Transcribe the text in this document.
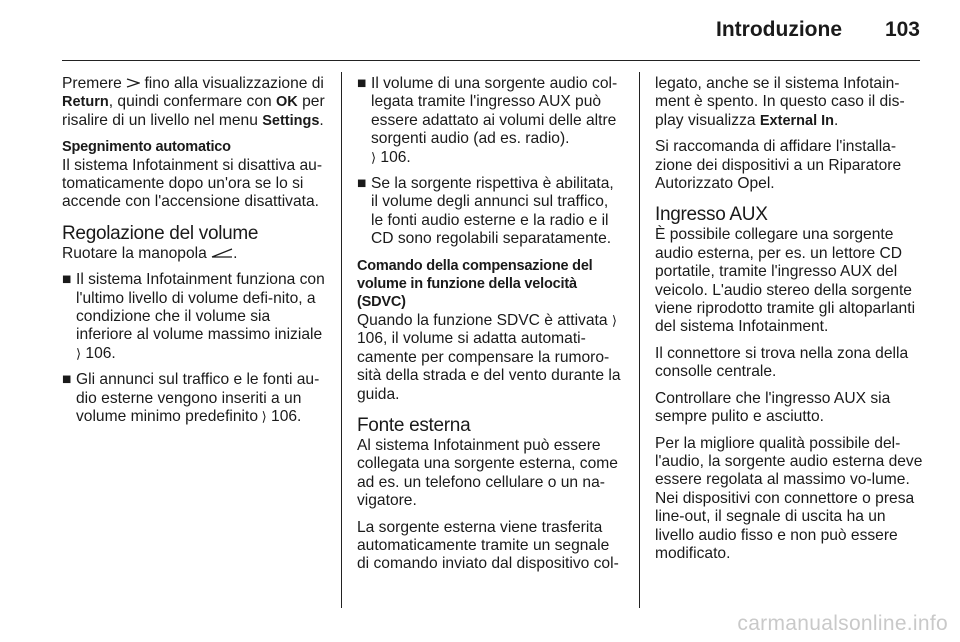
Introduzione 103

Premere  fino alla visualizzazione di Return, quindi confermare con OK per risalire di un livello nel menu Settings.

Spegnimento automatico

Il sistema Infotainment si disattiva au-tomaticamente dopo un'ora se lo si accende con l'accensione disattivata.

Regolazione del volume

Ruotare la manopola .

■ Il sistema Infotainment funziona con l'ultimo livello di volume defi-nito, a condizione che il volume sia inferiore al volume massimo iniziale
⟩ 106.
■ Gli annunci sul traffico e le fonti au-dio esterne vengono inseriti a un volume minimo predefinito ⟩ 106.
■ Il volume di una sorgente audio col-legata tramite l'ingresso AUX può essere adattato ai volumi delle altre sorgenti audio (ad es. radio).
⟩ 106.
■ Se la sorgente rispettiva è abilitata, il volume degli annunci sul traffico, le fonti audio esterne e la radio e il CD sono regolabili separatamente.
Comando della compensazione del volume in funzione della velocità (SDVC)

Quando la funzione SDVC è attivata ⟩ 106, il volume si adatta automati-camente per compensare la rumoro-sità della strada e del vento durante la guida.

Fonte esterna

Al sistema Infotainment può essere collegata una sorgente esterna, come ad es. un telefono cellulare o un na-vigatore.

La sorgente esterna viene trasferita automaticamente tramite un segnale di comando inviato dal dispositivo col-

legato, anche se il sistema Infotain-ment è spento. In questo caso il dis-play visualizza External In.

Si raccomanda di affidare l'installa-zione dei dispositivi a un Riparatore Autorizzato Opel.

Ingresso AUX

È possibile collegare una sorgente audio esterna, per es. un lettore CD portatile, tramite l'ingresso AUX del veicolo. L'audio stereo della sorgente viene riprodotto tramite gli altoparlanti del sistema Infotainment.

Il connettore si trova nella zona della consolle centrale.

Controllare che l'ingresso AUX sia sempre pulito e asciutto.

Per la migliore qualità possibile del-l'audio, la sorgente audio esterna deve essere regolata al massimo vo-lume. Nei dispositivi con connettore o presa line-out, il segnale di uscita ha un livello audio fisso e non può essere modificato.

carmanualsonline.info
